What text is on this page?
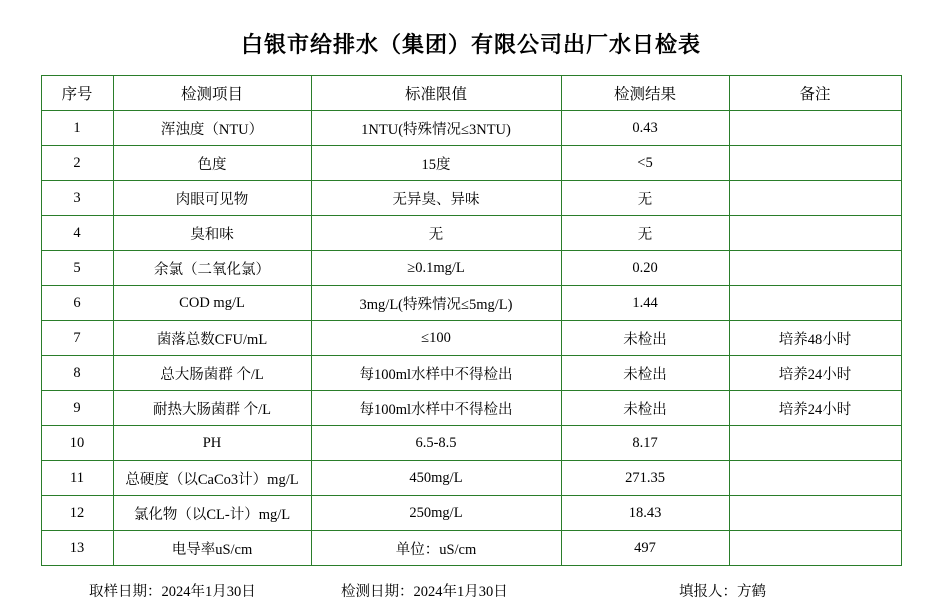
白银市给排水（集团）有限公司出厂水日检表
序号	检测项目	标准限值	检测结果	备注
1	浑浊度（NTU）	1NTU(特殊情况≤3NTU)	0.43	
2	色度	15度	<5	
3	肉眼可见物	无异臭、异味	无	
4	臭和味	无	无	
5	余氯（二氧化氯）	≥0.1mg/L	0.20	
6	COD mg/L	3mg/L(特殊情况≤5mg/L)	1.44	
7	菌落总数CFU/mL	≤100	未检出	培养48小时
8	总大肠菌群 个/L	每100ml水样中不得检出	未检出	培养24小时
9	耐热大肠菌群 个/L	每100ml水样中不得检出	未检出	培养24小时
10	PH	6.5-8.5	8.17	
11	总硬度（以CaCo3计）mg/L	450mg/L	271.35	
12	氯化物（以CL-计）mg/L	250mg/L	18.43	
13	电导率uS/cm	单位：uS/cm	497	
取样日期：2024年1月30日	检测日期：2024年1月30日	填报人：方鹤
